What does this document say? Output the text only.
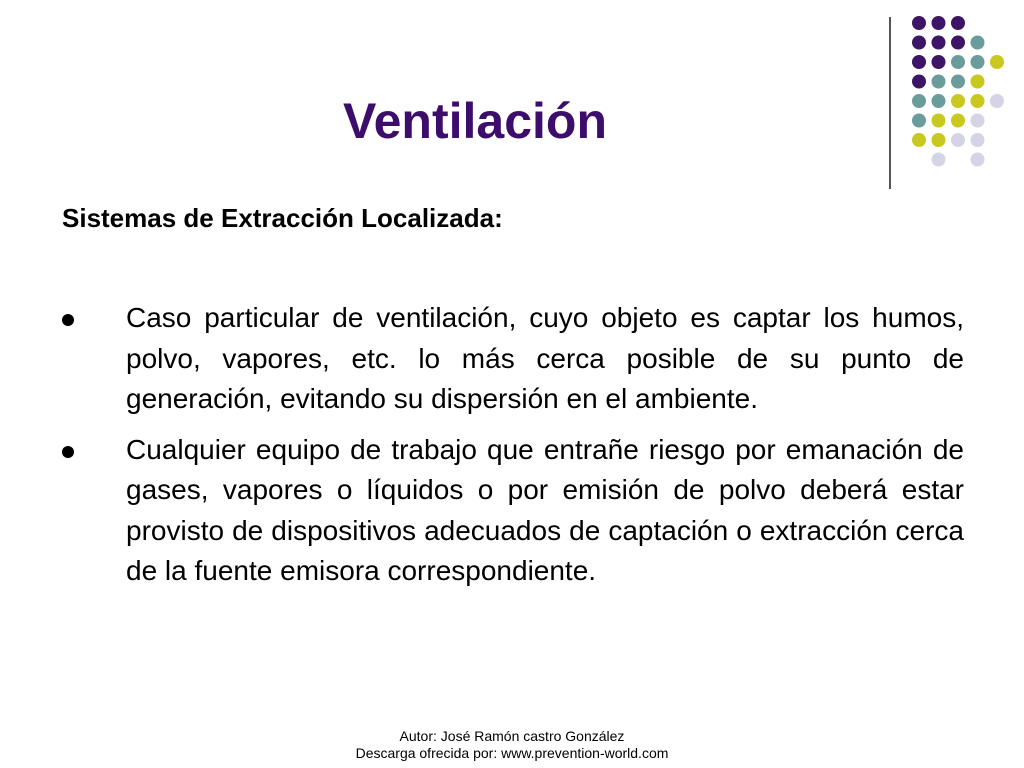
Ventilación
Sistemas de Extracción Localizada:
Caso particular de ventilación, cuyo objeto es captar los humos, polvo, vapores, etc. lo más cerca posible de su punto de generación, evitando su dispersión en el ambiente.
Cualquier equipo de trabajo que entrañe riesgo por emanación de gases, vapores o líquidos o por emisión de polvo deberá estar provisto de dispositivos adecuados de captación o extracción cerca de la fuente emisora correspondiente.
Autor: José Ramón castro González
Descarga ofrecida por: www.prevention-world.com
